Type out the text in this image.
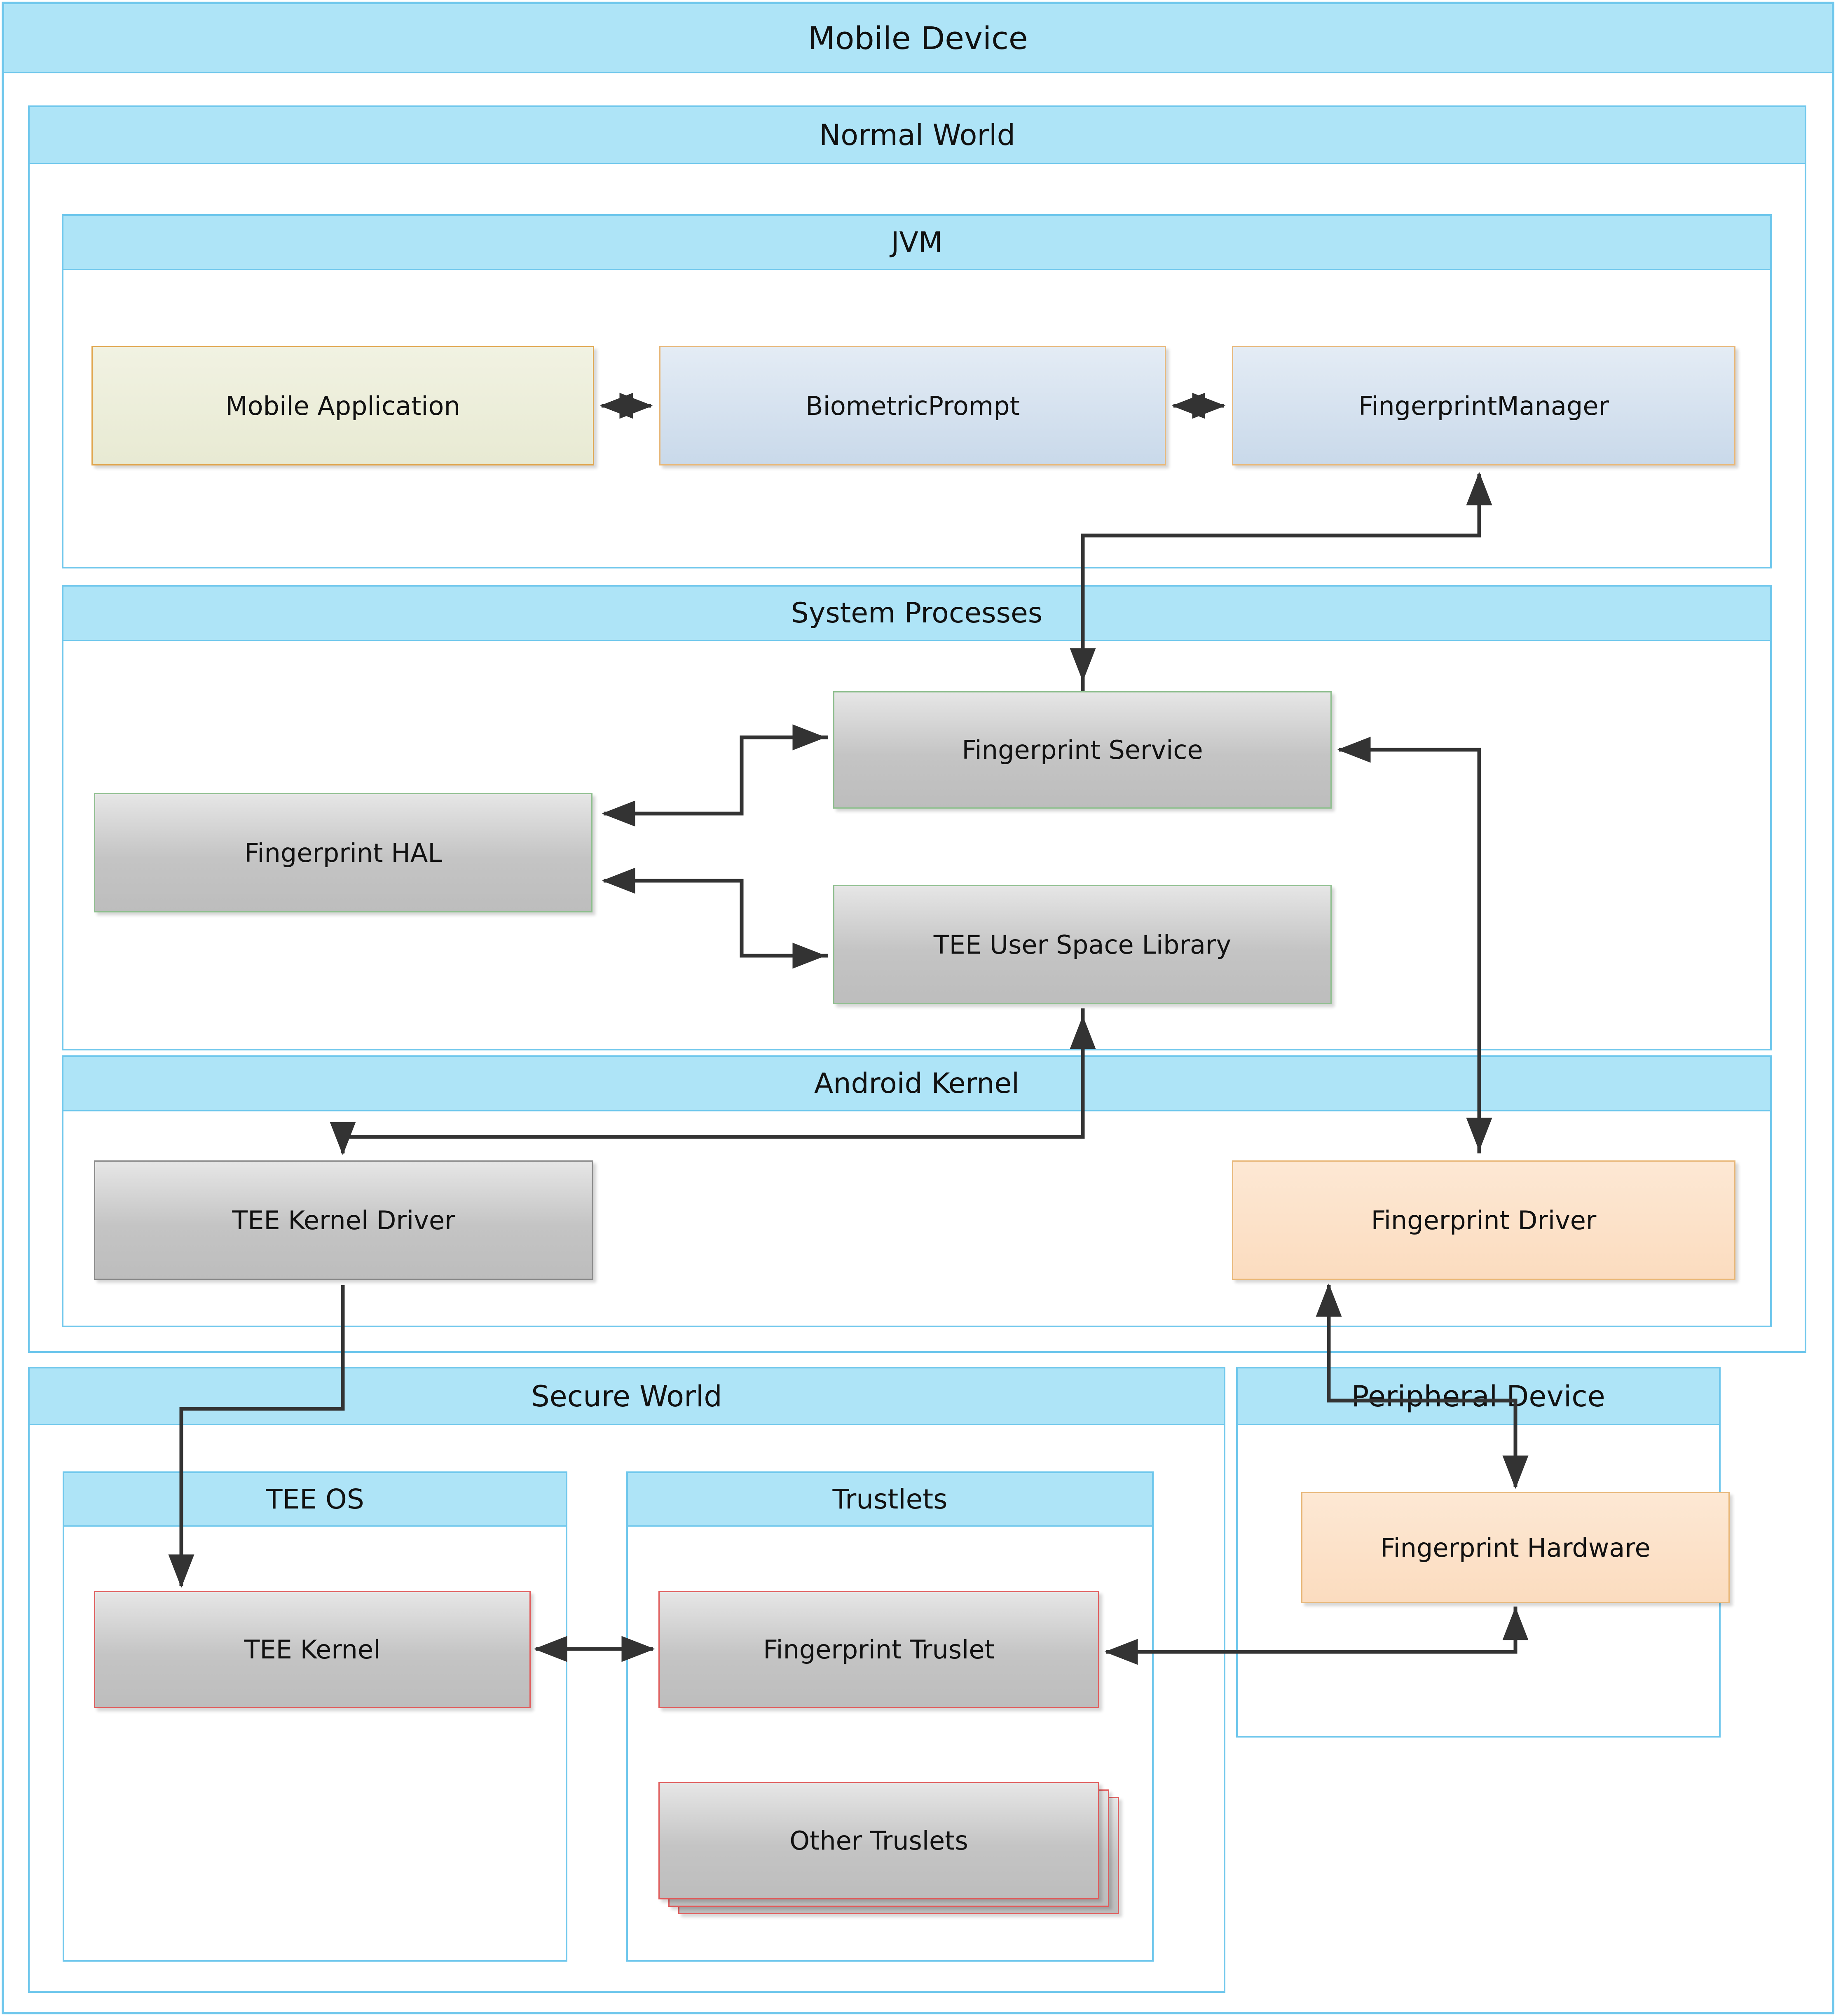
Mobile Device
Normal World
JVM
Mobile Application	BiometricPrompt	FingerprintManager
System Processes
Fingerprint HAL
Fingerprint Service
TEE User Space Library
Android Kernel
TEE Kernel Driver	Fingerprint Driver
Secure World
TEE OS
TEE Kernel
Trustlets
Fingerprint Truslet
Other Truslets
Peripheral Device
Fingerprint Hardware
